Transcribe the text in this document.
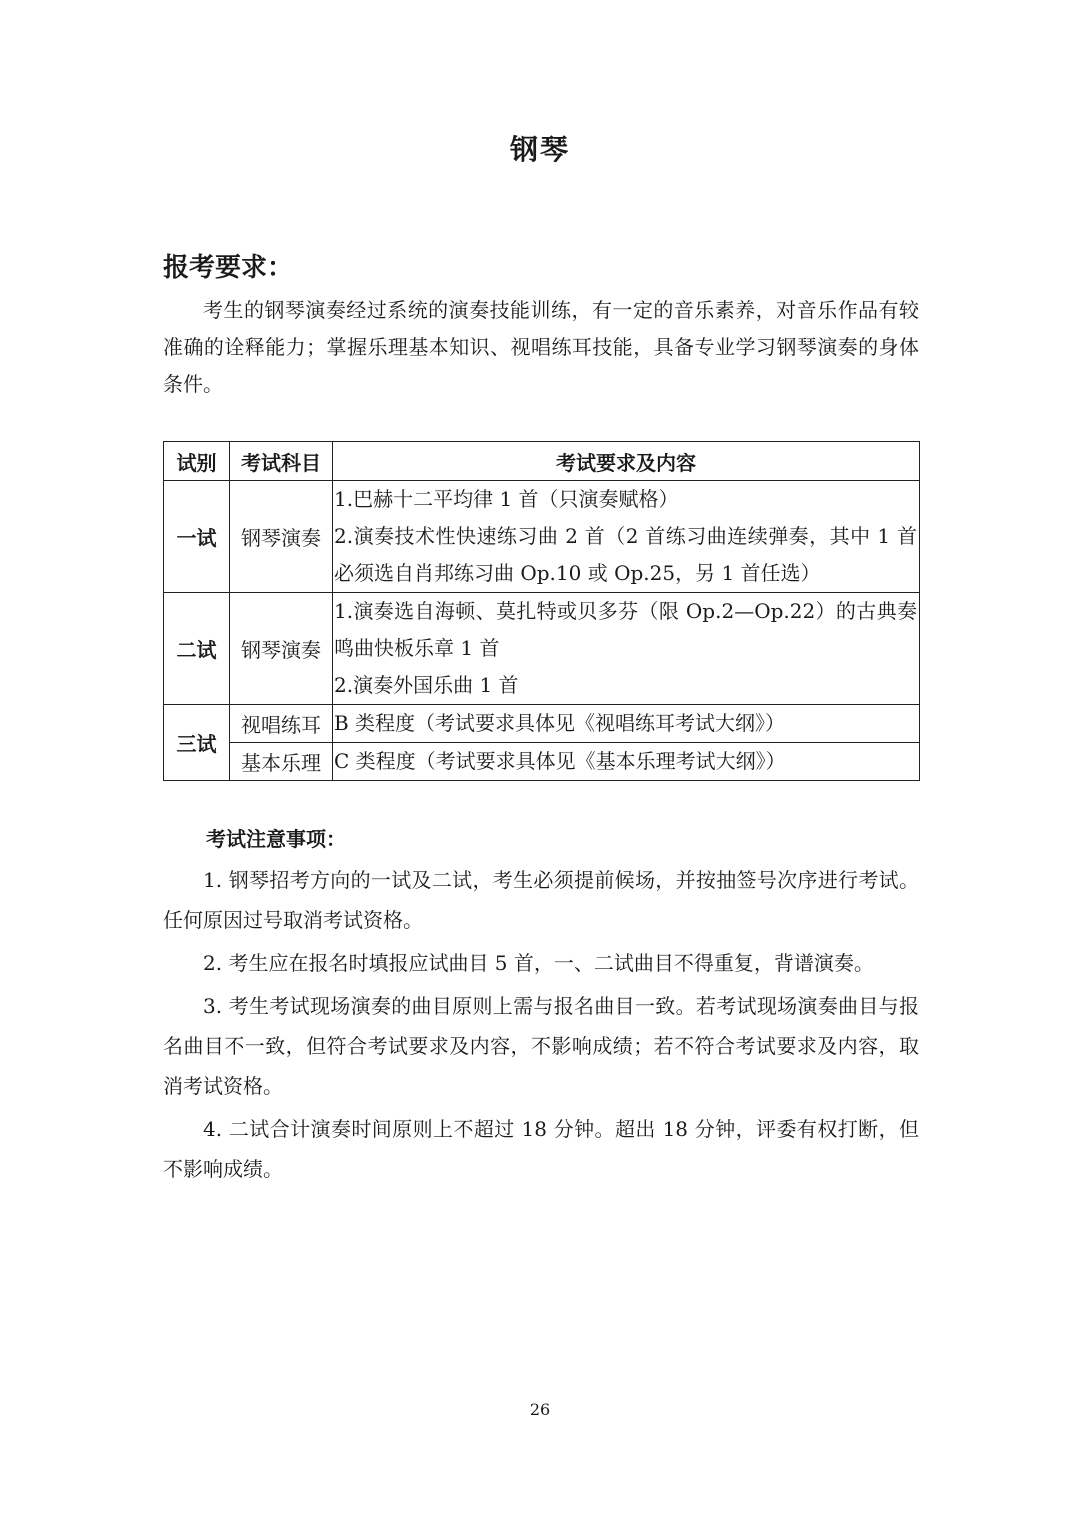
钢琴
报考要求：

考生的钢琴演奏经过系统的演奏技能训练，有一定的音乐素养，对音乐作品有较准确的诠释能力；掌握乐理基本知识、视唱练耳技能，具备专业学习钢琴演奏的身体条件。

试别	考试科目	考试要求及内容
一试	钢琴演奏	1.巴赫十二平均律 1 首（只演奏赋格）
2.演奏技术性快速练习曲 2 首（2 首练习曲连续弹奏，其中 1 首必须选自肖邦练习曲 Op.10 或 Op.25，另 1 首任选）

二试	钢琴演奏	1.演奏选自海顿、莫扎特或贝多芬（限 Op.2—Op.22）的古典奏鸣曲快板乐章 1 首
2.演奏外国乐曲 1 首

三试	视唱练耳	B 类程度（考试要求具体见《视唱练耳考试大纲》）
	基本乐理	C 类程度（考试要求具体见《基本乐理考试大纲》）
考试注意事项：

1. 钢琴招考方向的一试及二试，考生必须提前候场，并按抽签号次序进行考试。任何原因过号取消考试资格。

2. 考生应在报名时填报应试曲目 5 首，一、二试曲目不得重复，背谱演奏。

3. 考生考试现场演奏的曲目原则上需与报名曲目一致。若考试现场演奏曲目与报名曲目不一致，但符合考试要求及内容，不影响成绩；若不符合考试要求及内容，取消考试资格。

4. 二试合计演奏时间原则上不超过 18 分钟。超出 18 分钟，评委有权打断，但不影响成绩。

26
